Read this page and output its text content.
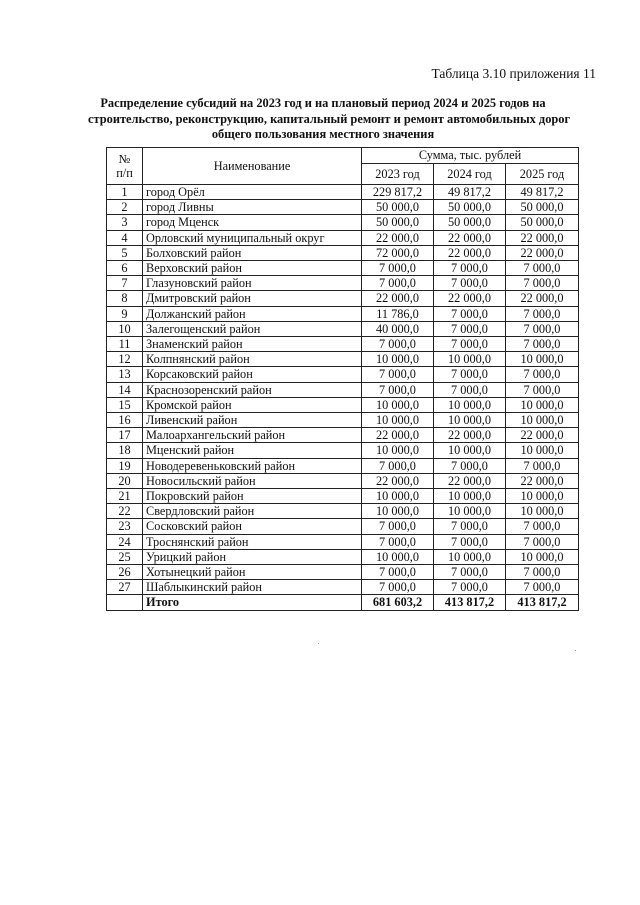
Таблица 3.10 приложения 11
Распределение субсидий на 2023 год и на плановый период 2024 и 2025 годов на
строительство, реконструкцию, капитальный ремонт и ремонт автомобильных дорог
общего пользования местного значения
№ п/п	Наименование	Сумма, тыс. рублей		
		2023 год	2024 год	2025 год
1	город Орёл	229 817,2	49 817,2	49 817,2
2	город Ливны	50 000,0	50 000,0	50 000,0
3	город Мценск	50 000,0	50 000,0	50 000,0
4	Орловский муниципальный округ	22 000,0	22 000,0	22 000,0
5	Болховский район	72 000,0	22 000,0	22 000,0
6	Верховский район	7 000,0	7 000,0	7 000,0
7	Глазуновский район	7 000,0	7 000,0	7 000,0
8	Дмитровский район	22 000,0	22 000,0	22 000,0
9	Должанский район	11 786,0	7 000,0	7 000,0
10	Залегощенский район	40 000,0	7 000,0	7 000,0
11	Знаменский район	7 000,0	7 000,0	7 000,0
12	Колпнянский район	10 000,0	10 000,0	10 000,0
13	Корсаковский район	7 000,0	7 000,0	7 000,0
14	Краснозоренский район	7 000,0	7 000,0	7 000,0
15	Кромской район	10 000,0	10 000,0	10 000,0
16	Ливенский район	10 000,0	10 000,0	10 000,0
17	Малоархангельский район	22 000,0	22 000,0	22 000,0
18	Мценский район	10 000,0	10 000,0	10 000,0
19	Новодеревеньковский район	7 000,0	7 000,0	7 000,0
20	Новосильский район	22 000,0	22 000,0	22 000,0
21	Покровский район	10 000,0	10 000,0	10 000,0
22	Свердловский район	10 000,0	10 000,0	10 000,0
23	Сосковский район	7 000,0	7 000,0	7 000,0
24	Троснянский район	7 000,0	7 000,0	7 000,0
25	Урицкий район	10 000,0	10 000,0	10 000,0
26	Хотынецкий район	7 000,0	7 000,0	7 000,0
27	Шаблыкинский район	7 000,0	7 000,0	7 000,0
	Итого	681 603,2	413 817,2	413 817,2
